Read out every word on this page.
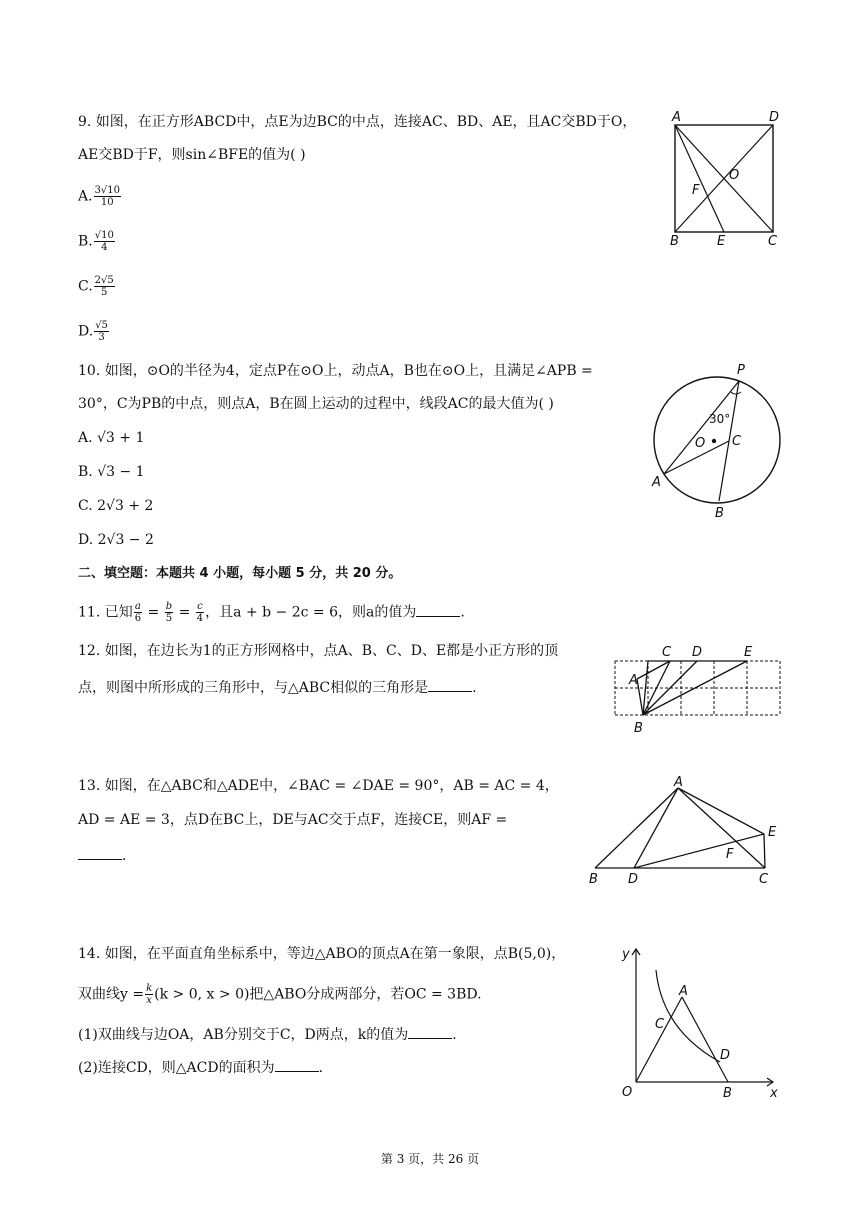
9. 如图，在正方形ABCD中，点E为边BC的中点，连接AC、BD、AE，且AC交BD于O，
AE交BD于F，则sin∠BFE的值为( )
A. $\frac{3√10}{10}$
B. $\frac{√10}{4}$
C. $\frac{2√5}{5}$
D. $\frac{√5}{3}$
A	D
B	E	C
F
O
10. 如图，⊙O的半径为4，定点P在⊙O上，动点A，B也在⊙O上，且满足∠APB =
30°，C为PB的中点，则点A，B在圆上运动的过程中，线段AC的最大值为( )
A. √3 + 1
B. √3 − 1
C. 2√3 + 2
D. 2√3 − 2
P
O C
A
B
30°
二、填空题：本题共 4 小题，每小题 5 分，共 20 分。
11. 已知 $\frac{a}{6} = \frac{b}{5} = \frac{c}{4}$ ，且a + b − 2c = 6，则a的值为	.
12. 如图，在边长为1的正方形网格中，点A、B、C、D、E都是小正方形的顶
点，则图中所形成的三角形中，与△ABC相似的三角形是	.
C D	E
A
B
13. 如图，在△ABC和△ADE中，∠BAC = ∠DAE = 90°，AB = AC = 4，
AD = AE = 3，点D在BC上，DE与AC交于点F，连接CE，则AF =
.
A
E
F
B D	C
14. 如图，在平面直角坐标系中，等边△ABO的顶点A在第一象限，点B(5,0)，
双曲线$y = \frac{k}{x} (k > 0$, x > 0)把△ABO分成两部分，若OC = 3BD.
(1)双曲线与边OA，AB分别交于C，D两点，k的值为	.
(2)连接CD，则△ACD的面积为	.
y
x
O	B
A
C
D
第 3 页，共 26 页
